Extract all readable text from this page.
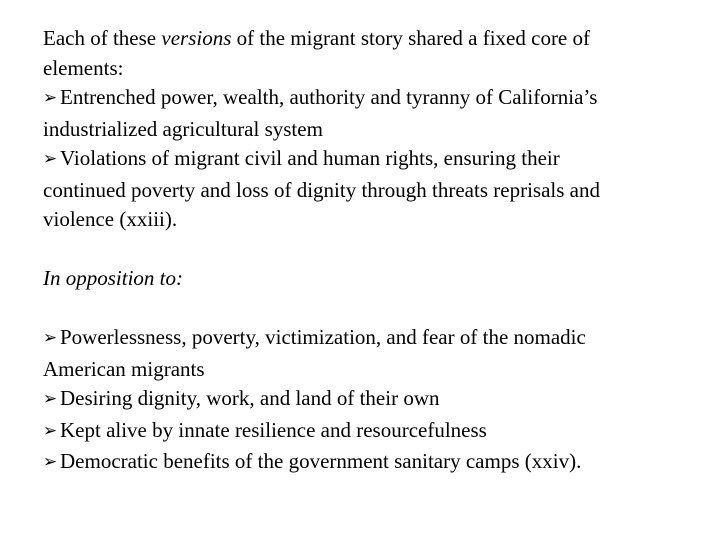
Each of these versions of the migrant story shared a fixed core of
elements:
➢ Entrenched power, wealth, authority and tyranny of California’s
industrialized agricultural system
➢ Violations of migrant civil and human rights, ensuring their
continued poverty and loss of dignity through threats reprisals and
violence (xxiii).
In opposition to:
➢ Powerlessness, poverty, victimization, and fear of the nomadic
American migrants
➢ Desiring dignity, work, and land of their own
➢ Kept alive by innate resilience and resourcefulness
➢ Democratic benefits of the government sanitary camps (xxiv).
